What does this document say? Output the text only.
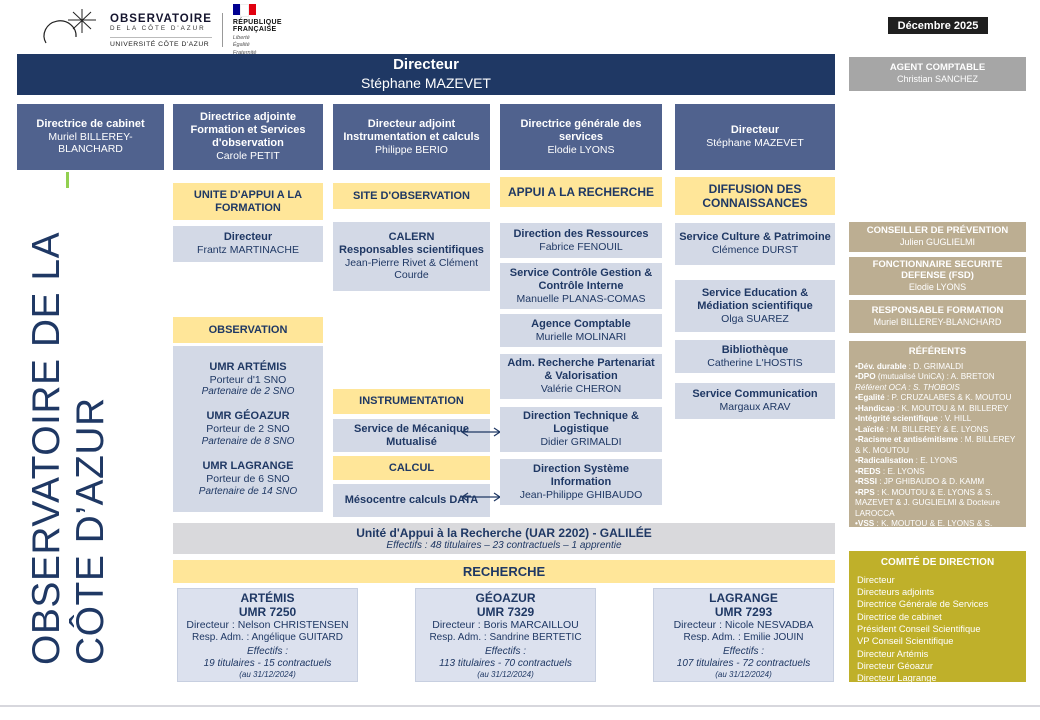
OBSERVATOIRE
DE LA CÔTE D'AZUR
UNIVERSITÉ CÔTE D'AZUR
RÉPUBLIQUE
FRANÇAISE
Liberté
Égalité
Décembre 2025
OBSERVATOIRE DE LA CÔTE D’AZUR
Directeur
Stéphane MAZEVET
AGENT COMPTABLE
Christian SANCHEZ
Directrice de cabinet
Muriel BILLEREY-BLANCHARD
Directrice adjointe Formation et Services d'observation
Carole PETIT
Directeur adjoint Instrumentation et calculs
Philippe BERIO
Directrice générale des services
Elodie LYONS
Directeur
Stéphane MAZEVET
UNITE D'APPUI A LA FORMATION
Directeur
Frantz MARTINACHE
OBSERVATION
UMR ARTÉMIS
Porteur d'1 SNO
Partenaire de 2 SNO
UMR GÉOAZUR
Porteur de 2 SNO
Partenaire de 8 SNO
UMR LAGRANGE
Porteur de 6 SNO
Partenaire de 14 SNO
SITE D'OBSERVATION
CALERN
Responsables scientifiques
Jean-Pierre Rivet & Clément Courde
INSTRUMENTATION
Service de Mécanique Mutualisé
CALCUL
Mésocentre calculs DATA
APPUI A LA RECHERCHE
Direction des Ressources
Fabrice FENOUIL
Service Contrôle Gestion & Contrôle Interne
Manuelle PLANAS-COMAS
Agence Comptable
Murielle MOLINARI
Adm. Recherche Partenariat & Valorisation
Valérie CHERON
Direction Technique & Logistique
Didier GRIMALDI
Direction Système Information
Jean-Philippe GHIBAUDO
DIFFUSION DES CONNAISSANCES
Service Culture & Patrimoine
Clémence DURST
Service Education & Médiation scientifique
Olga SUAREZ
Bibliothèque
Catherine L'HOSTIS
Service Communication
Margaux ARAV
Unité d'Appui à la Recherche (UAR 2202) - GALILÉE
Effectifs : 48 titulaires – 23 contractuels – 1 apprentie
RECHERCHE
ARTÉMIS
UMR 7250
Directeur : Nelson CHRISTENSEN
Resp. Adm. : Angélique GUITARD
Effectifs :
19 titulaires - 15 contractuels
(au 31/12/2024)
GÉOAZUR
UMR 7329
Directeur : Boris MARCAILLOU
Resp. Adm. : Sandrine BERTETIC
Effectifs :
113 titulaires - 70 contractuels
(au 31/12/2024)
LAGRANGE
UMR 7293
Directeur : Nicole NESVADBA
Resp. Adm. : Emilie JOUIN
Effectifs :
107 titulaires - 72 contractuels
(au 31/12/2024)
CONSEILLER DE PRÉVENTION
Julien GUGLIELMI
FONCTIONNAIRE SECURITE DEFENSE (FSD)
Elodie LYONS
RESPONSABLE FORMATION
Muriel BILLEREY-BLANCHARD
RÉFÉRENTS
•Dév. durable : D. GRIMALDI
•DPO (mutualisé UniCA) : A. BRETON
Référent OCA : S. THOBOIS
•Egalité : P. CRUZALABES & K. MOUTOU
•Handicap : K. MOUTOU & M. BILLEREY
•Intégrité scientifique : V. HILL
•Laïcité : M. BILLEREY & E. LYONS
•Racisme et antisémitisme : M. BILLEREY & K. MOUTOU
•Radicalisation : E. LYONS
•REDS : E. LYONS
•RSSI : JP GHIBAUDO & D. KAMM
•RPS : K. MOUTOU & E. LYONS & S. MAZEVET & J. GUGLIELMI & Docteure LAROCCA
•VSS : K. MOUTOU & E. LYONS & S. MAZEVET
COMITÉ DE DIRECTION
Directeur
Directeurs adjoints
Directrice Générale de Services
Directrice de cabinet
Président Conseil Scientifique
VP Conseil Scientifique
Directeur Artémis
Directeur Géoazur
Directeur Lagrange
Directeur Unité Appui Formation
